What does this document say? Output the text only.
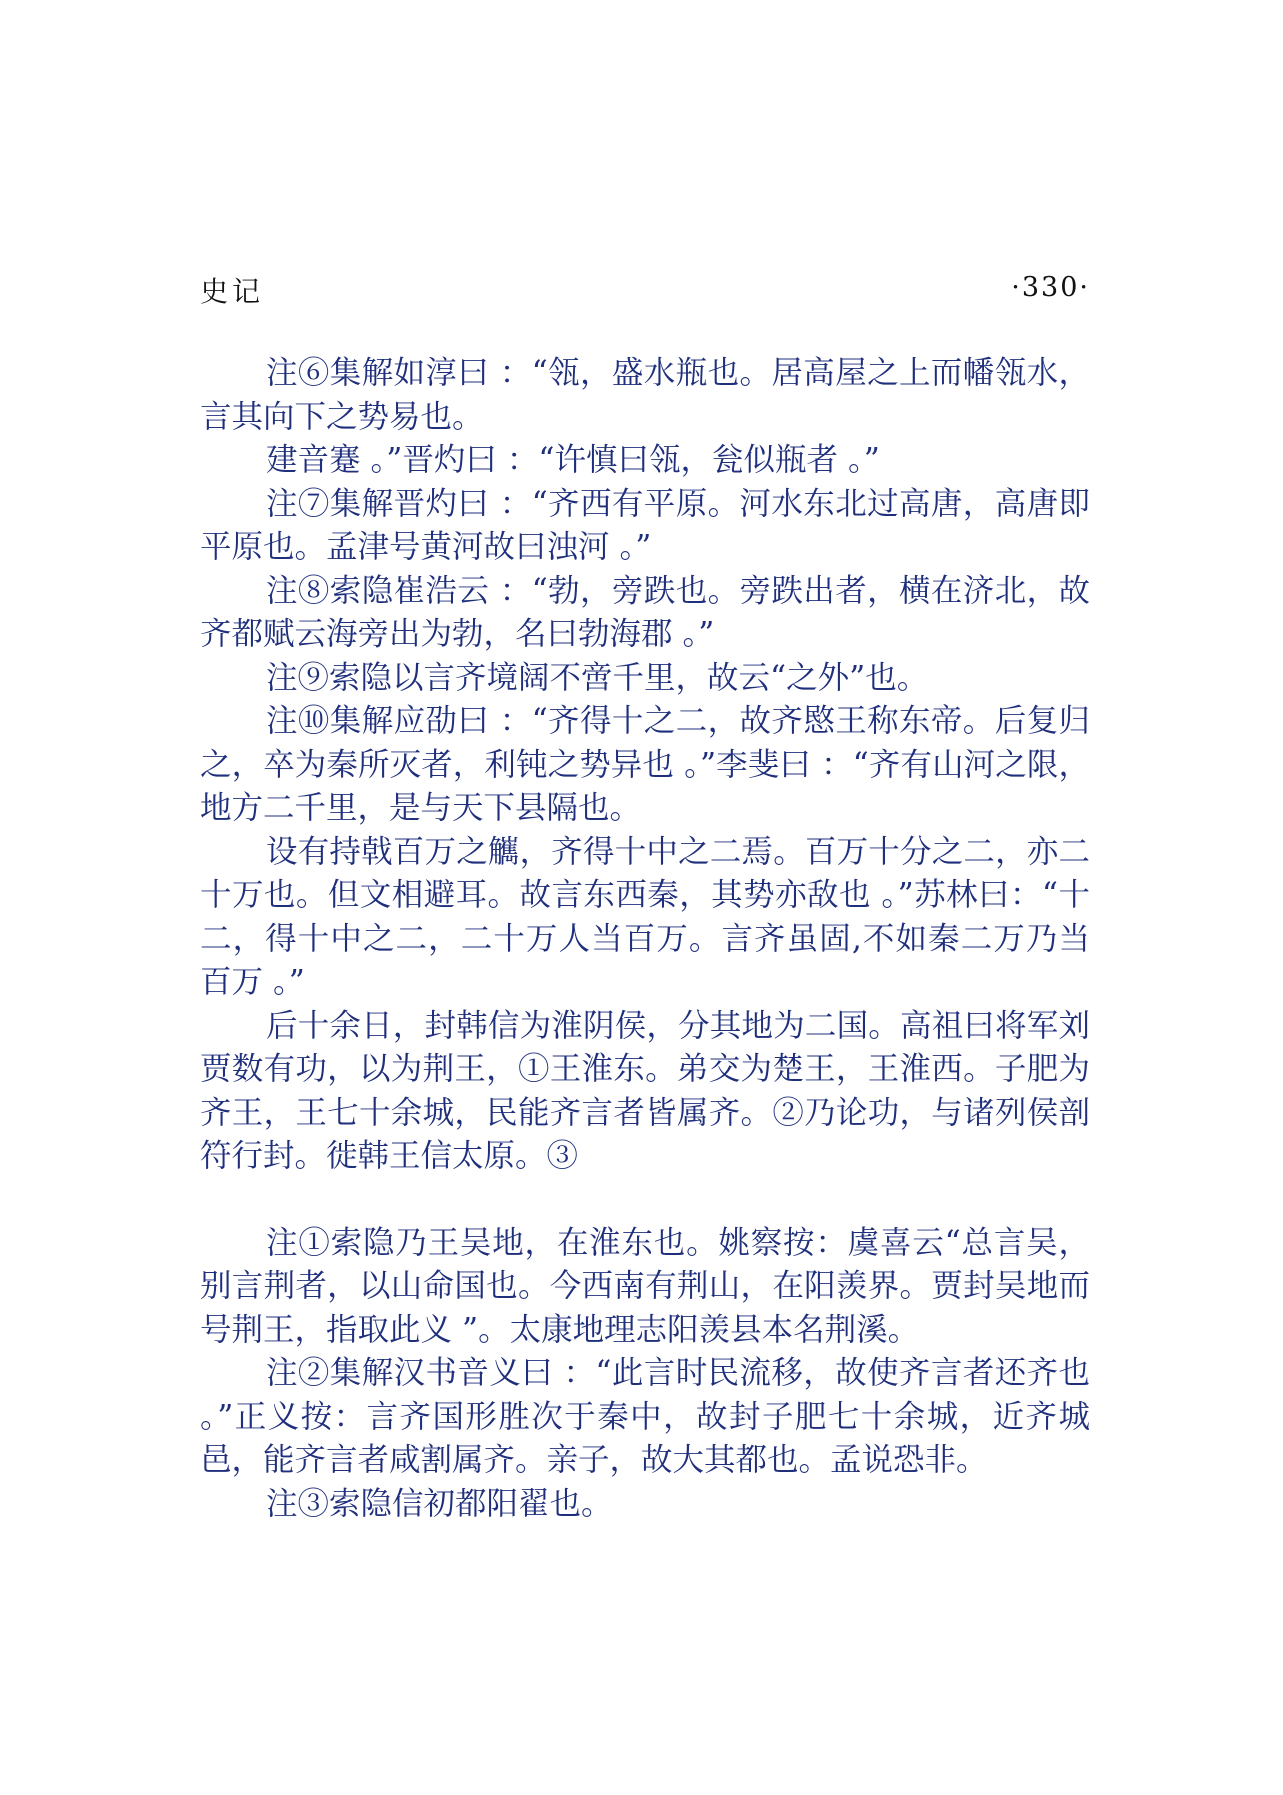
史记	·330·

注⑥集解如淳曰 ：“瓴，盛水瓶也。居高屋之上而幡瓴水，言其向下之势易也。

建音蹇 。”晋灼曰 ：“许慎曰瓴，瓮似瓶者 。”

注⑦集解晋灼曰 ：“齐西有平原。河水东北过高唐，高唐即平原也。孟津号黄河故曰浊河 。”

注⑧索隐崔浩云 ：“勃，旁跌也。旁跌出者，横在济北，故齐都赋云海旁出为勃，名曰勃海郡 。”

注⑨索隐以言齐境阔不啻千里，故云“之外”也。

注⑩集解应劭曰 ：“齐得十之二，故齐愍王称东帝。后复归之，卒为秦所灭者，利钝之势异也 。”李斐曰 ：“齐有山河之限，地方二千里，是与天下县隔也。

设有持戟百万之觽，齐得十中之二焉。百万十分之二，亦二十万也。但文相避耳。故言东西秦，其势亦敌也 。”苏林曰：“十二，得十中之二，二十万人当百万。言齐虽固,不如秦二万乃当百万 。”

后十余日，封韩信为淮阴侯，分其地为二国。高祖曰将军刘贾数有功，以为荆王，①王淮东。弟交为楚王，王淮西。子肥为齐王，王七十余城，民能齐言者皆属齐。②乃论功，与诸列侯剖符行封。徙韩王信太原。③

注①索隐乃王吴地，在淮东也。姚察按：虞喜云“总言吴，别言荆者，以山命国也。今西南有荆山，在阳羡界。贾封吴地而号荆王，指取此义 ”。太康地理志阳羡县本名荆溪。

注②集解汉书音义曰 ：“此言时民流移，故使齐言者还齐也 。”正义按：言齐国形胜次于秦中，故封子肥七十余城，近齐城邑，能齐言者咸割属齐。亲子，故大其都也。孟说恐非。

注③索隐信初都阳翟也。
